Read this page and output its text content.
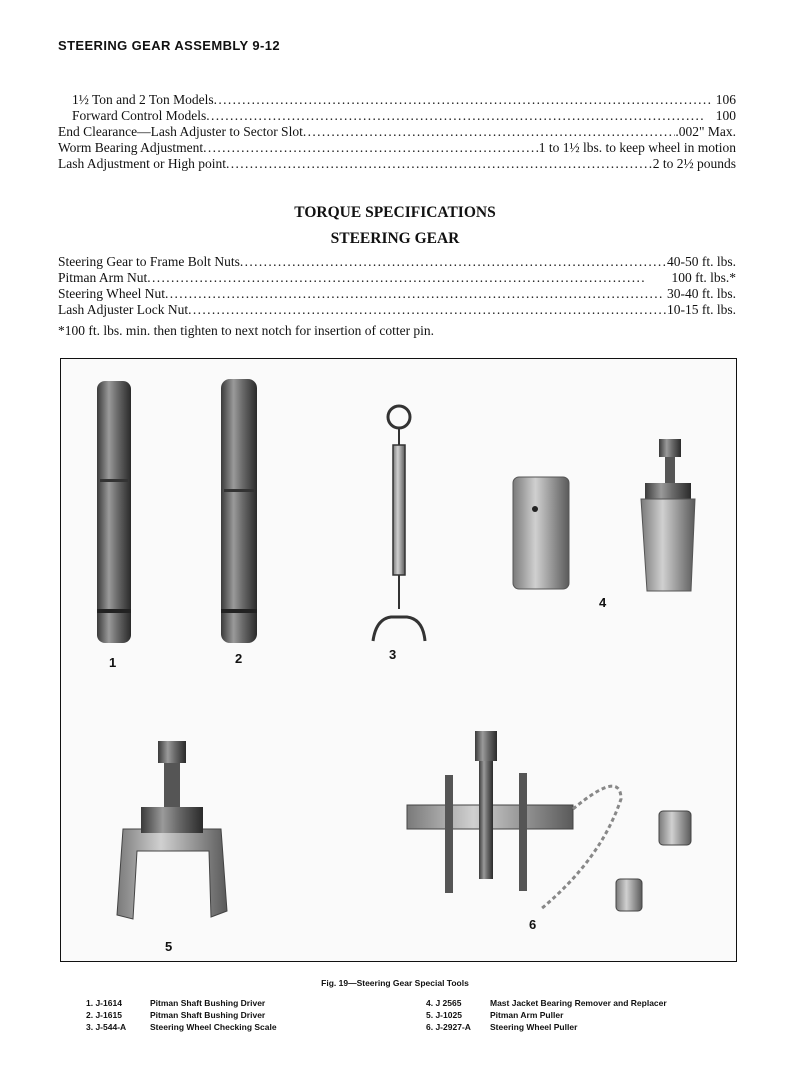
STEERING GEAR ASSEMBLY 9-12
1½ Ton and 2 Ton Models . . .	106
Forward Control Models . . .	100
End Clearance—Lash Adjuster to Sector Slot . . .	.002" Max.
Worm Bearing Adjustment . . .	1 to 1½ lbs. to keep wheel in motion
Lash Adjustment or High point . . .	2 to 2½ pounds
TORQUE SPECIFICATIONS
STEERING GEAR
Steering Gear to Frame Bolt Nuts . . .	40-50 ft. lbs.
Pitman Arm Nut . . .	100 ft. lbs.*
Steering Wheel Nut . . .	30-40 ft. lbs.
Lash Adjuster Lock Nut . . .	10-15 ft. lbs.
*100 ft. lbs. min. then tighten to next notch for insertion of cotter pin.
1	2	3
4
5
6
Fig. 19—Steering Gear Special Tools
1. J-1614	Pitman Shaft Bushing Driver
2. J-1615	Pitman Shaft Bushing Driver
3. J-544-A	Steering Wheel Checking Scale
4. J 2565	Mast Jacket Bearing Remover and Replacer
5. J-1025	Pitman Arm Puller
6. J-2927-A	Steering Wheel Puller
